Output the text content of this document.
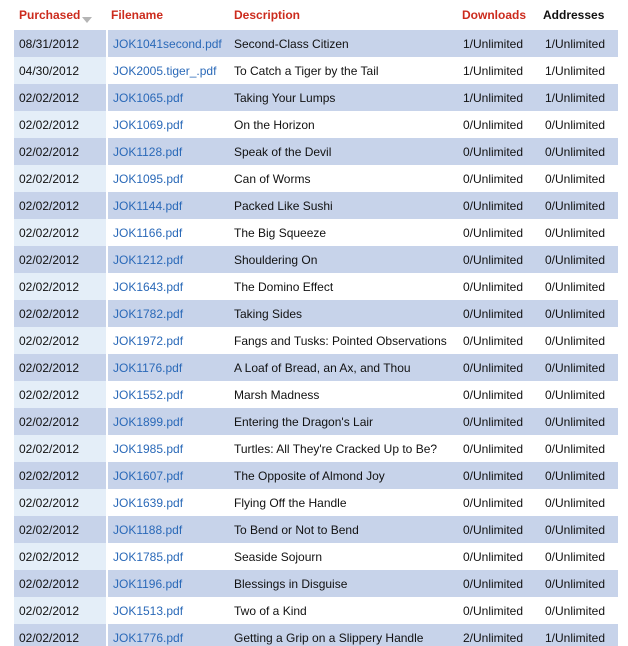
Purchased	Filename	Description	Downloads	Addresses
08/31/2012	JOK1041second.pdf	Second-Class Citizen	1/Unlimited	1/Unlimited
04/30/2012	JOK2005.tiger_.pdf	To Catch a Tiger by the Tail	1/Unlimited	1/Unlimited
02/02/2012	JOK1065.pdf	Taking Your Lumps	1/Unlimited	1/Unlimited
02/02/2012	JOK1069.pdf	On the Horizon	0/Unlimited	0/Unlimited
02/02/2012	JOK1128.pdf	Speak of the Devil	0/Unlimited	0/Unlimited
02/02/2012	JOK1095.pdf	Can of Worms	0/Unlimited	0/Unlimited
02/02/2012	JOK1144.pdf	Packed Like Sushi	0/Unlimited	0/Unlimited
02/02/2012	JOK1166.pdf	The Big Squeeze	0/Unlimited	0/Unlimited
02/02/2012	JOK1212.pdf	Shouldering On	0/Unlimited	0/Unlimited
02/02/2012	JOK1643.pdf	The Domino Effect	0/Unlimited	0/Unlimited
02/02/2012	JOK1782.pdf	Taking Sides	0/Unlimited	0/Unlimited
02/02/2012	JOK1972.pdf	Fangs and Tusks: Pointed Observations	0/Unlimited	0/Unlimited
02/02/2012	JOK1176.pdf	A Loaf of Bread, an Ax, and Thou	0/Unlimited	0/Unlimited
02/02/2012	JOK1552.pdf	Marsh Madness	0/Unlimited	0/Unlimited
02/02/2012	JOK1899.pdf	Entering the Dragon's Lair	0/Unlimited	0/Unlimited
02/02/2012	JOK1985.pdf	Turtles: All They're Cracked Up to Be?	0/Unlimited	0/Unlimited
02/02/2012	JOK1607.pdf	The Opposite of Almond Joy	0/Unlimited	0/Unlimited
02/02/2012	JOK1639.pdf	Flying Off the Handle	0/Unlimited	0/Unlimited
02/02/2012	JOK1188.pdf	To Bend or Not to Bend	0/Unlimited	0/Unlimited
02/02/2012	JOK1785.pdf	Seaside Sojourn	0/Unlimited	0/Unlimited
02/02/2012	JOK1196.pdf	Blessings in Disguise	0/Unlimited	0/Unlimited
02/02/2012	JOK1513.pdf	Two of a Kind	0/Unlimited	0/Unlimited
02/02/2012	JOK1776.pdf	Getting a Grip on a Slippery Handle	2/Unlimited	1/Unlimited
